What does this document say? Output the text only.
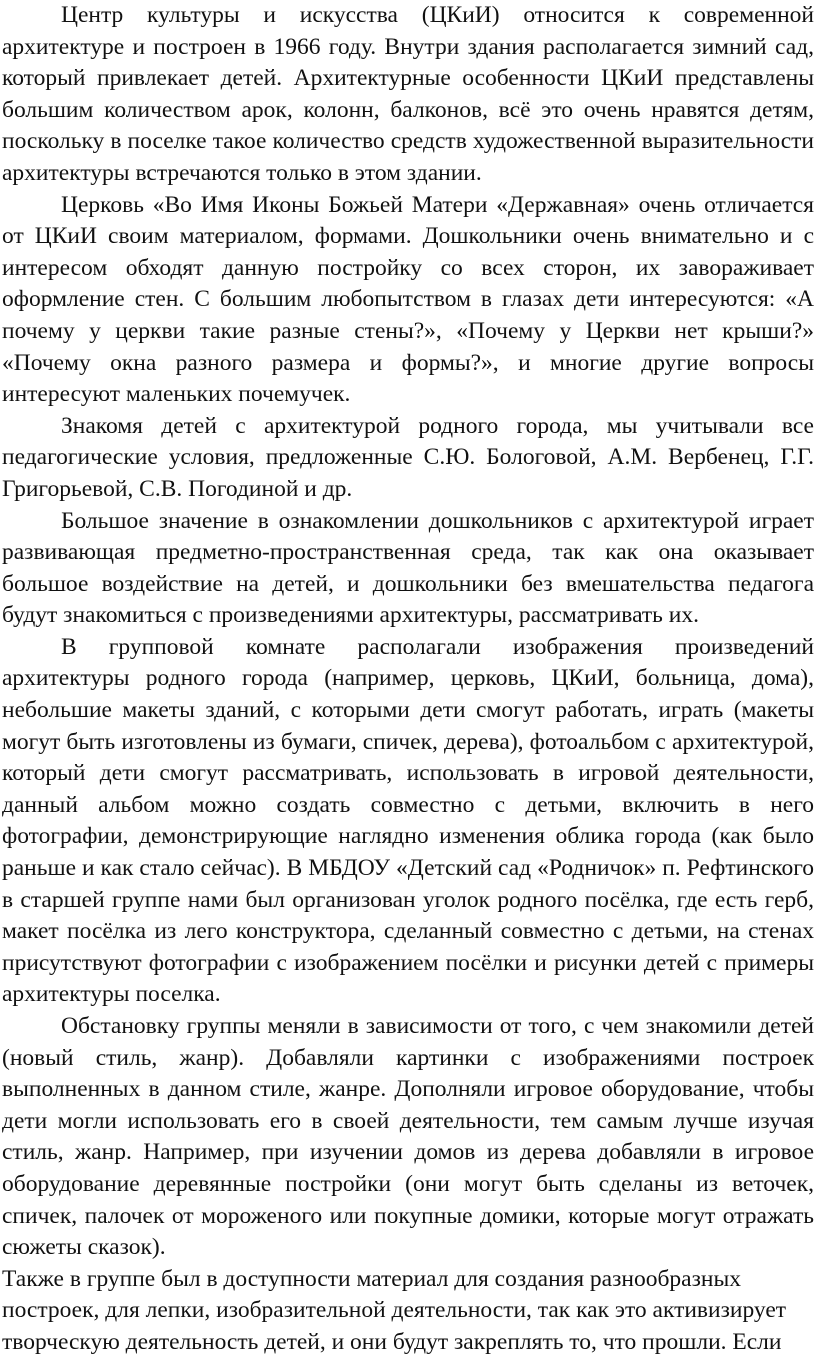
Центр культуры и искусства (ЦКиИ) относится к современной архитектуре и построен в 1966 году. Внутри здания располагается зимний сад, который привлекает детей. Архитектурные особенности ЦКиИ представлены большим количеством арок, колонн, балконов, всё это очень нравятся детям, поскольку в поселке такое количество средств художественной выразительности архитектуры встречаются только в этом здании.

Церковь «Во Имя Иконы Божьей Матери «Державная» очень отличается от ЦКиИ своим материалом, формами. Дошкольники очень внимательно и с интересом обходят данную постройку со всех сторон, их завораживает оформление стен. С большим любопытством в глазах дети интересуются: «А почему у церкви такие разные стены?», «Почему у Церкви нет крыши?» «Почему окна разного размера и формы?», и многие другие вопросы интересуют маленьких почемучек.

Знакомя детей с архитектурой родного города, мы учитывали все педагогические условия, предложенные С.Ю. Бологовой, А.М. Вербенец, Г.Г. Григорьевой, С.В. Погодиной и др.

Большое значение в ознакомлении дошкольников с архитектурой играет развивающая предметно-пространственная среда, так как она оказывает большое воздействие на детей, и дошкольники без вмешательства педагога будут знакомиться с произведениями архитектуры, рассматривать их.

В групповой комнате располагали изображения произведений архитектуры родного города (например, церковь, ЦКиИ, больница, дома), небольшие макеты зданий, с которыми дети смогут работать, играть (макеты могут быть изготовлены из бумаги, спичек, дерева), фотоальбом с архитектурой, который дети смогут рассматривать, использовать в игровой деятельности, данный альбом можно создать совместно с детьми, включить в него фотографии, демонстрирующие наглядно изменения облика города (как было раньше и как стало сейчас). В МБДОУ «Детский сад «Родничок» п. Рефтинского в старшей группе нами был организован уголок родного посёлка, где есть герб, макет посёлка из лего конструктора, сделанный совместно с детьми, на стенах присутствуют фотографии с изображением посёлки и рисунки детей с примеры архитектуры поселка.

Обстановку группы меняли в зависимости от того, с чем знакомили детей (новый стиль, жанр). Добавляли картинки с изображениями построек выполненных в данном стиле, жанре. Дополняли игровое оборудование, чтобы дети могли использовать его в своей деятельности, тем самым лучше изучая стиль, жанр. Например, при изучении домов из дерева добавляли в игровое оборудование деревянные постройки (они могут быть сделаны из веточек, спичек, палочек от мороженого или покупные домики, которые могут отражать сюжеты сказок).

Также в группе был в доступности материал для создания разнообразных построек, для лепки, изобразительной деятельности, так как это активизирует творческую деятельность детей, и они будут закреплять то, что прошли. Если
